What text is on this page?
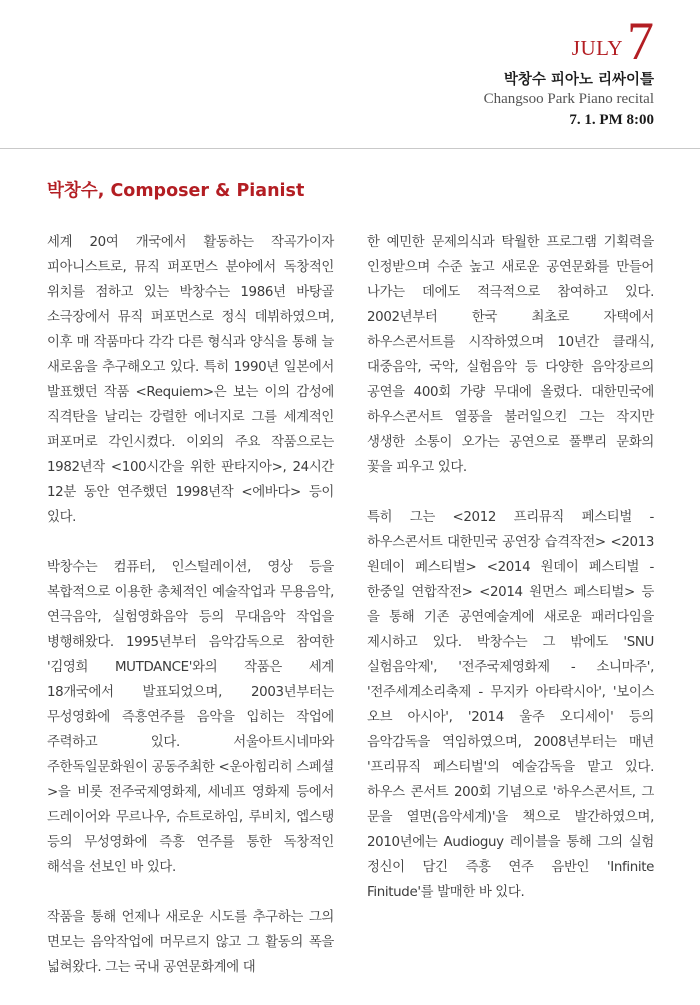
JULY7
박창수 피아노 리싸이틀
Changsoo Park Piano recital
7. 1. PM 8:00
박창수, Composer & Pianist

세계 20여 개국에서 활동하는 작곡가이자 피아니스트로, 뮤직 퍼포먼스 분야에서 독창적인 위치를 점하고 있는 박창수는 1986년 바탕골 소극장에서 뮤직 퍼포먼스로 정식 데뷔하였으며, 이후 매 작품마다 각각 다른 형식과 양식을 통해 늘 새로움을 추구해오고 있다. 특히 1990년 일본에서 발표했던 작품 <Requiem>은 보는 이의 감성에 직격탄을 날리는 강렬한 에너지로 그를 세계적인 퍼포머로 각인시켰다. 이외의 주요 작품으로는 1982년작 <100시간을 위한 판타지아>, 24시간 12분 동안 연주했던 1998년작 <에바다> 등이 있다.

박창수는 컴퓨터, 인스털레이션, 영상 등을 복합적으로 이용한 총체적인 예술작업과 무용음악, 연극음악, 실험영화음악 등의 무대음악 작업을 병행해왔다. 1995년부터 음악감독으로 참여한 '김영희 MUTDANCE'와의 작품은 세계 18개국에서 발표되었으며, 2003년부터는 무성영화에 즉흥연주를 음악을 입히는 작업에 주력하고 있다. 서울아트시네마와 주한독일문화원이 공동주최한 <운아힘리히 스페셜>을 비롯 전주국제영화제, 세네프 영화제 등에서 드레이어와 무르나우, 슈트로하임, 루비치, 엡스탱 등의 무성영화에 즉흥 연주를 통한 독창적인 해석을 선보인 바 있다.

작품을 통해 언제나 새로운 시도를 추구하는 그의 면모는 음악작업에 머무르지 않고 그 활동의 폭을 넓혀왔다. 그는 국내 공연문화계에 대

한 예민한 문제의식과 탁월한 프로그램 기획력을 인정받으며 수준 높고 새로운 공연문화를 만들어 나가는 데에도 적극적으로 참여하고 있다. 2002년부터 한국 최초로 자택에서 하우스콘서트를 시작하였으며 10년간 클래식, 대중음악, 국악, 실험음악 등 다양한 음악장르의 공연을 400회 가량 무대에 올렸다. 대한민국에 하우스콘서트 열풍을 불러일으킨 그는 작지만 생생한 소통이 오가는 공연으로 풀뿌리 문화의 꽃을 피우고 있다.

특히 그는 <2012 프리뮤직 페스티벌 - 하우스콘서트 대한민국 공연장 습격작전> <2013 원데이 페스티벌> <2014 원데이 페스티벌 - 한중일 연합작전> <2014 원먼스 페스티벌> 등 을 통해 기존 공연예술계에 새로운 패러다임을 제시하고 있다. 박창수는 그 밖에도 'SNU 실험음악제', '전주국제영화제 - 소니마주', '전주세계소리축제 - 무지카 아타락시아', '보이스 오브 아시아', '2014 울주 오디세이' 등의 음악감독을 역임하였으며, 2008년부터는 매년 '프리뮤직 페스티벌'의 예술감독을 맡고 있다. 하우스 콘서트 200회 기념으로 '하우스콘서트, 그 문을 열면(음악세계)'을 책으로 발간하였으며, 2010년에는 Audioguy 레이블을 통해 그의 실험 정신이 담긴 즉흥 연주 음반인 'Infinite Finitude'를 발매한 바 있다.
